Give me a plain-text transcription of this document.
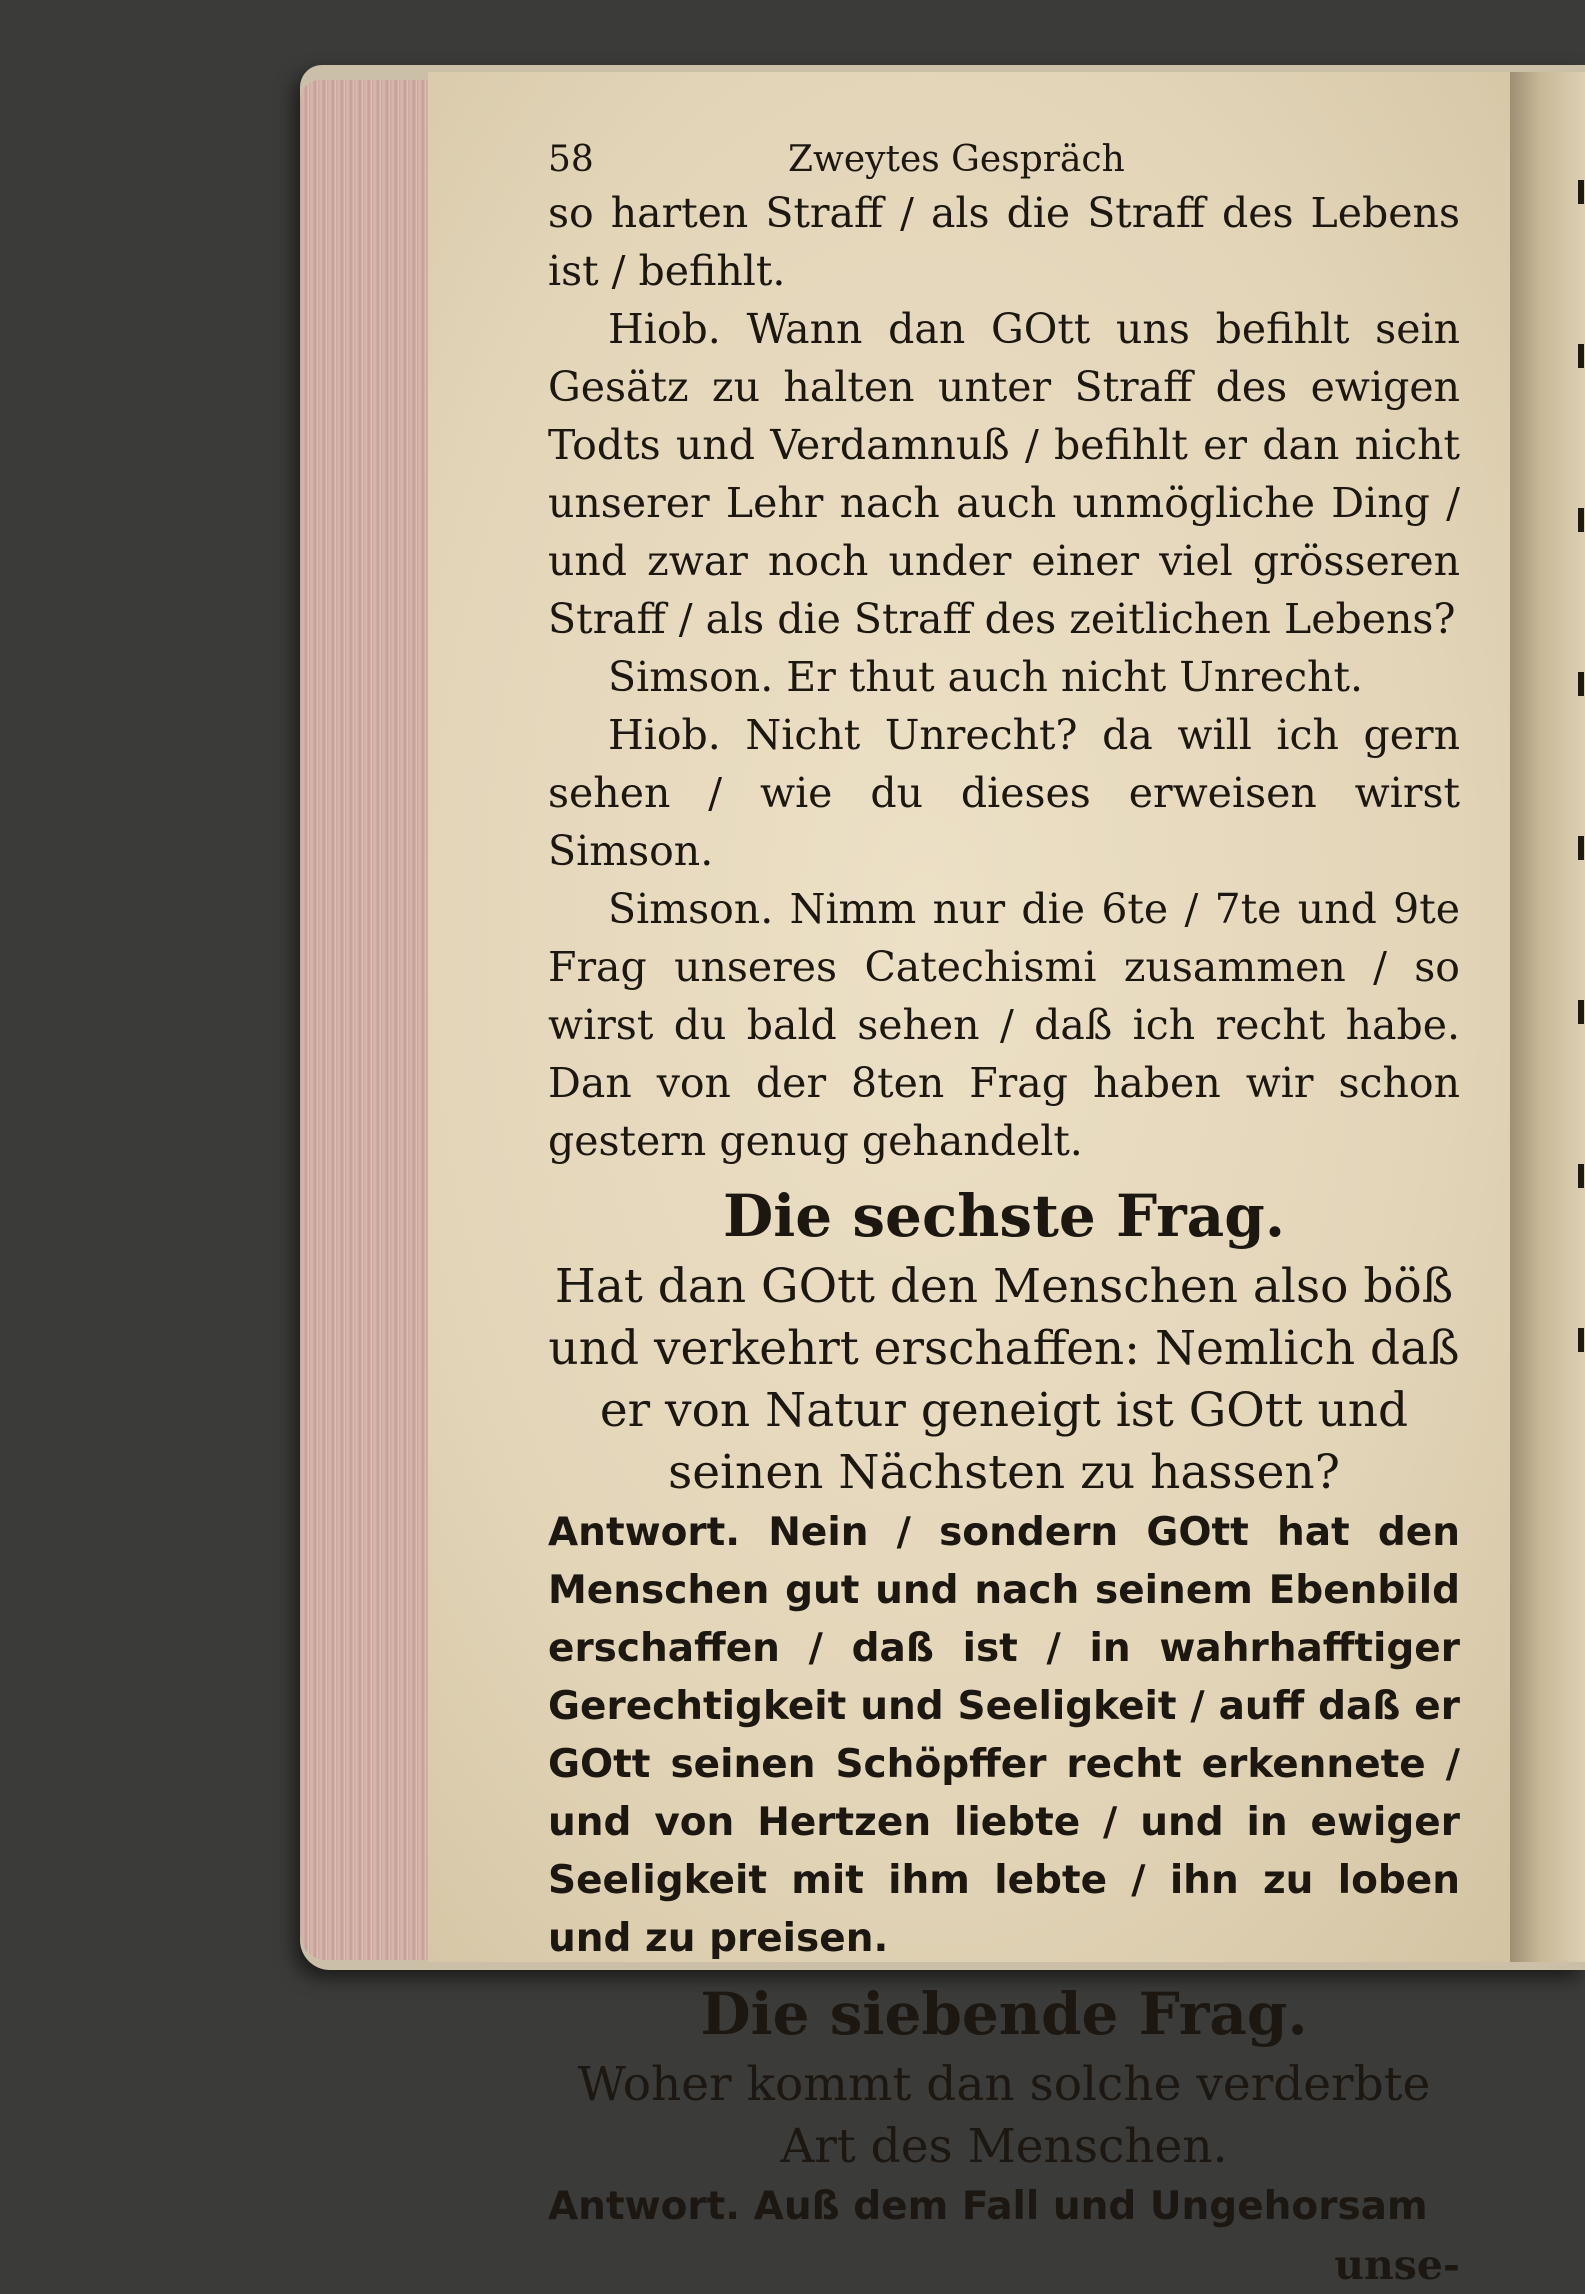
58	Zweytes Gespräch

so harten Straff / als die Straff des Lebens ist / befihlt.

Hiob. Wann dan GOtt uns befihlt sein Gesätz zu halten unter Straff des ewigen Todts und Verdamnuß / befihlt er dan nicht unserer Lehr nach auch unmögliche Ding / und zwar noch under einer viel grösseren Straff / als die Straff des zeitlichen Lebens?

Simson. Er thut auch nicht Unrecht.

Hiob. Nicht Unrecht? da will ich gern sehen / wie du dieses erweisen wirst Simson.

Simson. Nimm nur die 6te / 7te und 9te Frag unseres Catechismi zusammen / so wirst du bald sehen / daß ich recht habe. Dan von der 8ten Frag haben wir schon gestern genug gehandelt.

Die sechste Frag.
Hat dan GOtt den Menschen also böß und verkehrt erschaffen: Nemlich daß er von Natur geneigt ist GOtt und seinen Nächsten zu hassen?

Antwort. Nein / sondern GOtt hat den Menschen gut und nach seinem Ebenbild erschaffen / daß ist / in wahrhafftiger Gerechtigkeit und Seeligkeit / auff daß er GOtt seinen Schöpffer recht erkennete / und von Hertzen liebte / und in ewiger Seeligkeit mit ihm lebte / ihn zu loben und zu preisen.

Die siebende Frag.
Woher kommt dan solche verderbte Art des Menschen.

Antwort. Auß dem Fall und Ungehorsam

unse-
